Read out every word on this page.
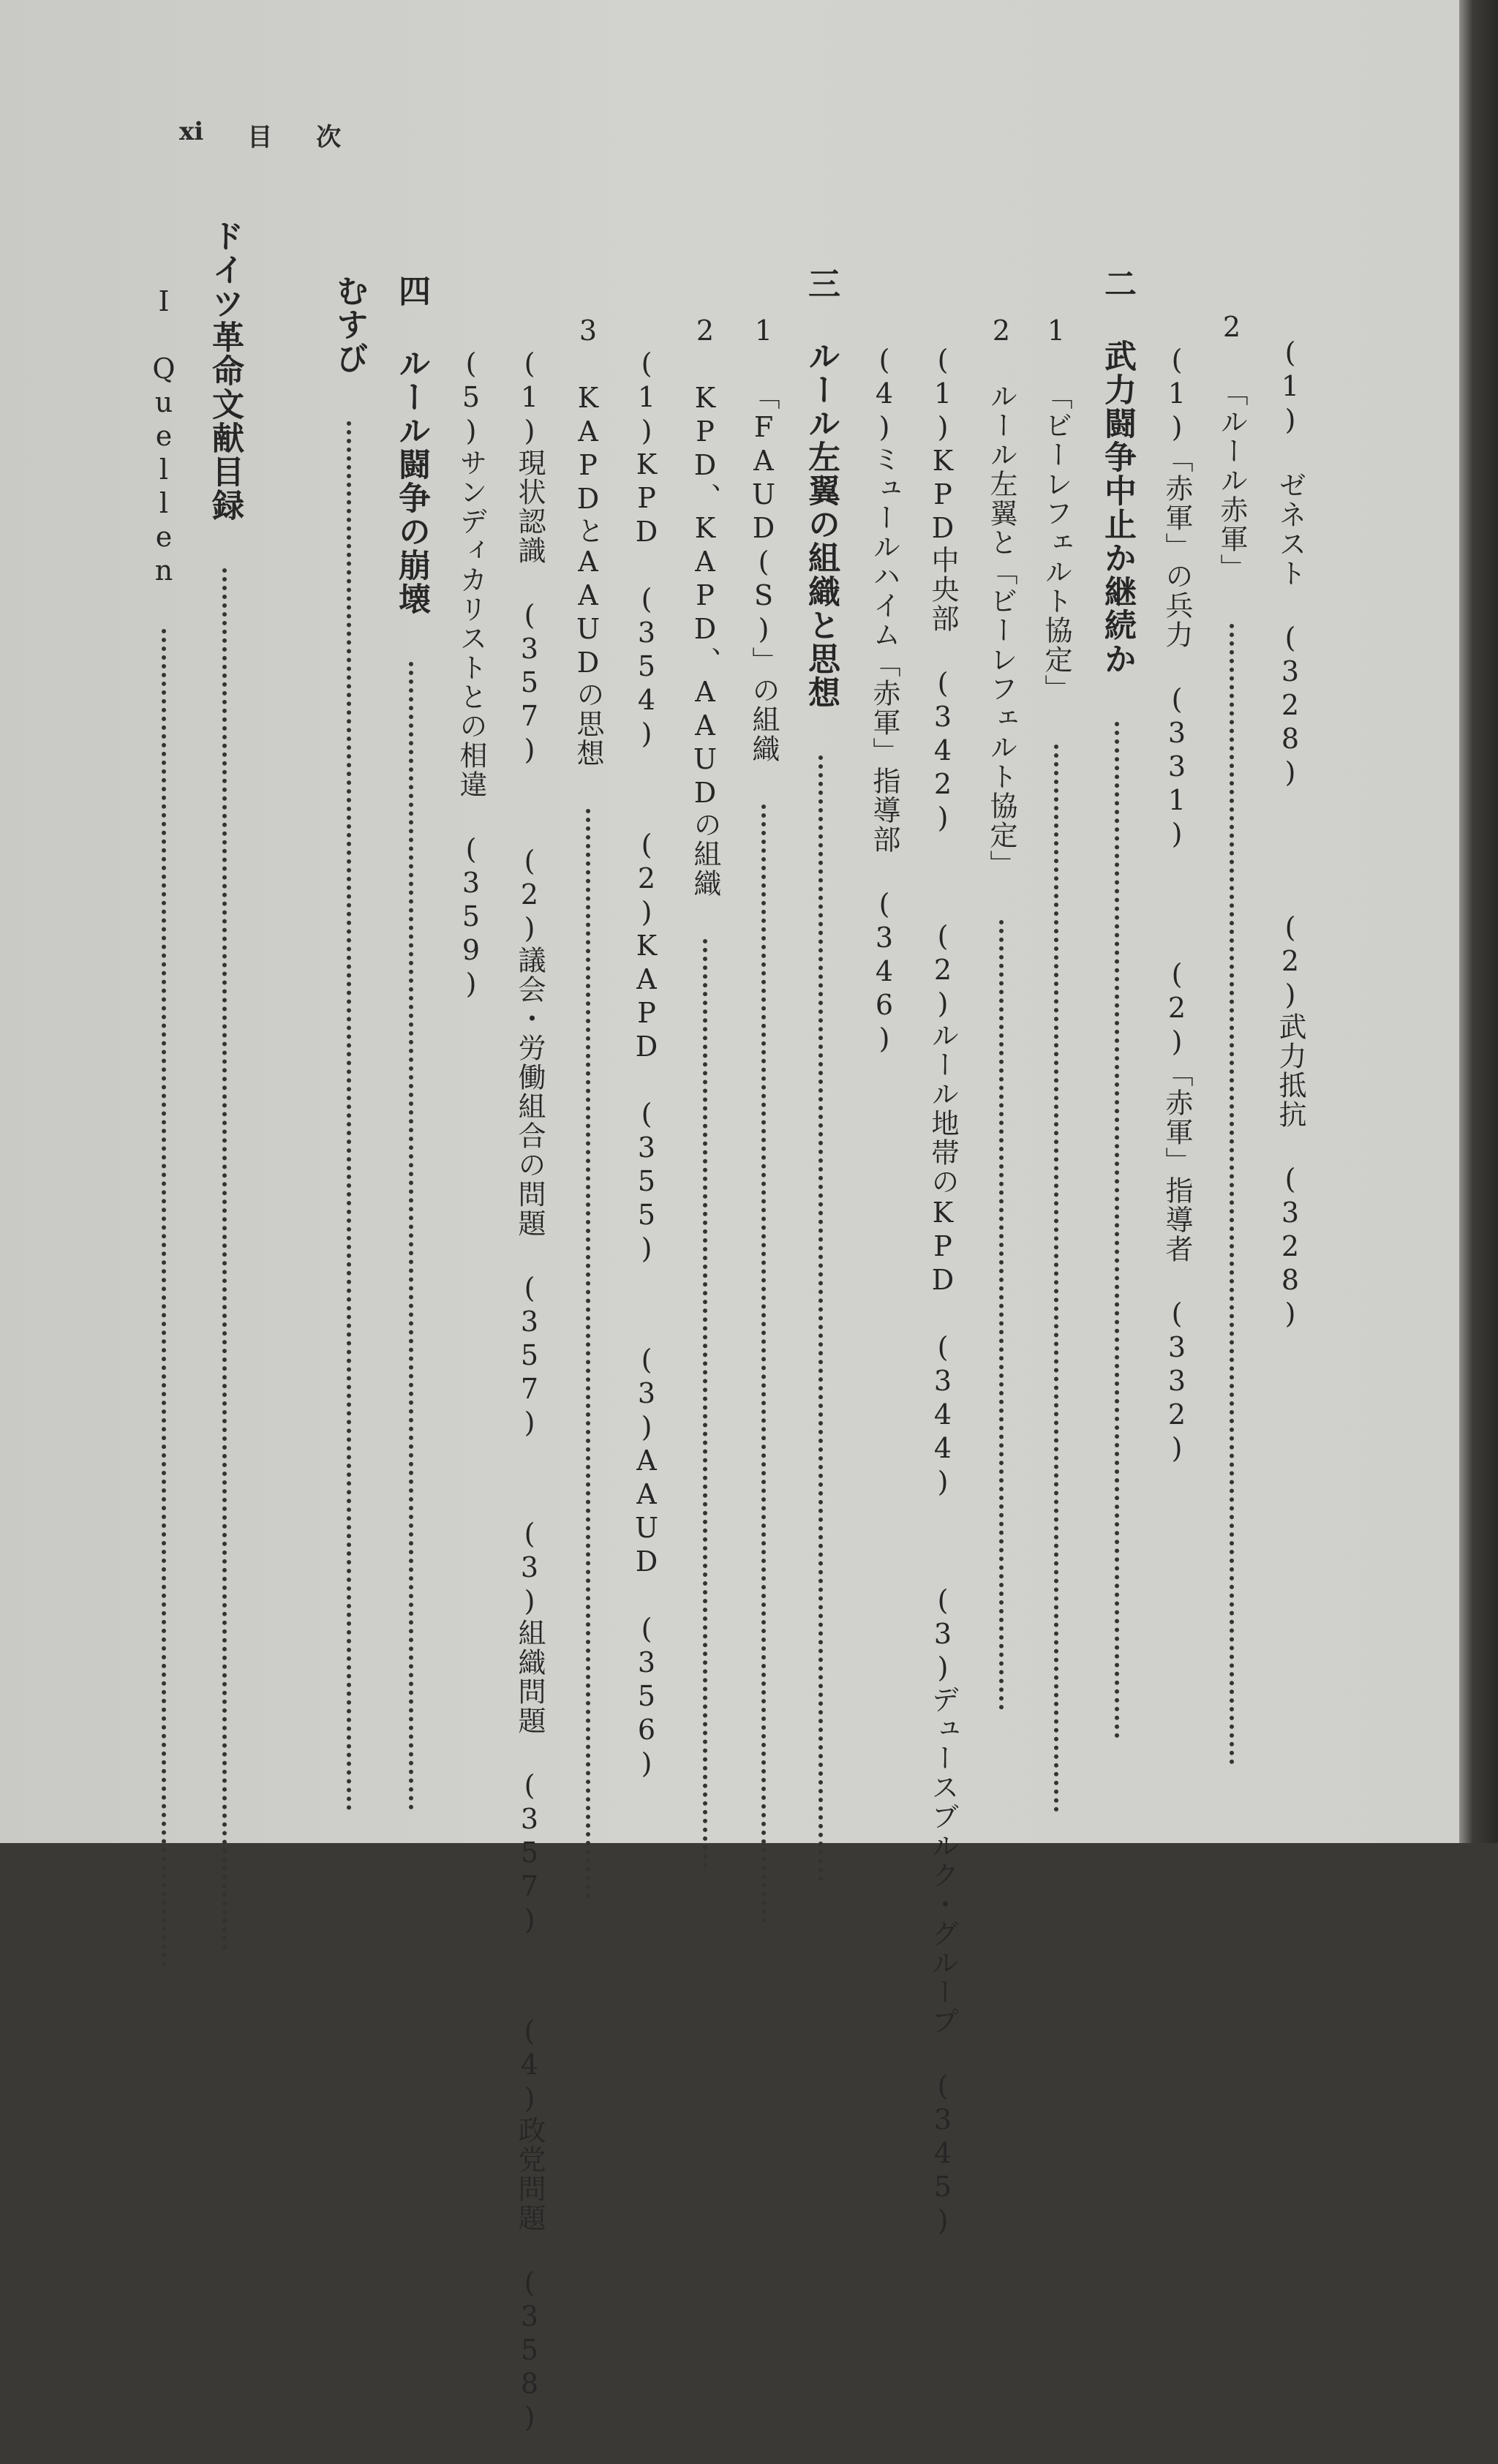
xi 目 次
(1) ゼネスト (328) (2)武力抵抗 (328)
2 「ルール赤軍」
(1)「赤軍」の兵力 (331) (2)「赤軍」指導者 (332)
二 武力闘争中止か継続か
1 「ビーレフェルト協定」
2 ルール左翼と「ビーレフェルト協定」
(1)KPD中央部 (342) (2)ルール地帯のKPD (344) (3)デュースブルク・グループ (345)
(4)ミュールハイム「赤軍」指導部 (346)
三 ルール左翼の組織と思想
1 「FAUD(S)」の組織
2 KPD、KAPD、AAUDの組織
(1)KPD (354) (2)KAPD (355) (3)AAUD (356)
3 KAPDとAAUDの思想
(1)現状認識 (357) (2)議会・労働組合の問題 (357) (3)組織問題 (357) (4)政党問題 (358)
(5)サンディカリストとの相違 (359)
四 ルール闘争の崩壊
むすび
ドイツ革命文献目録
I Quellen
